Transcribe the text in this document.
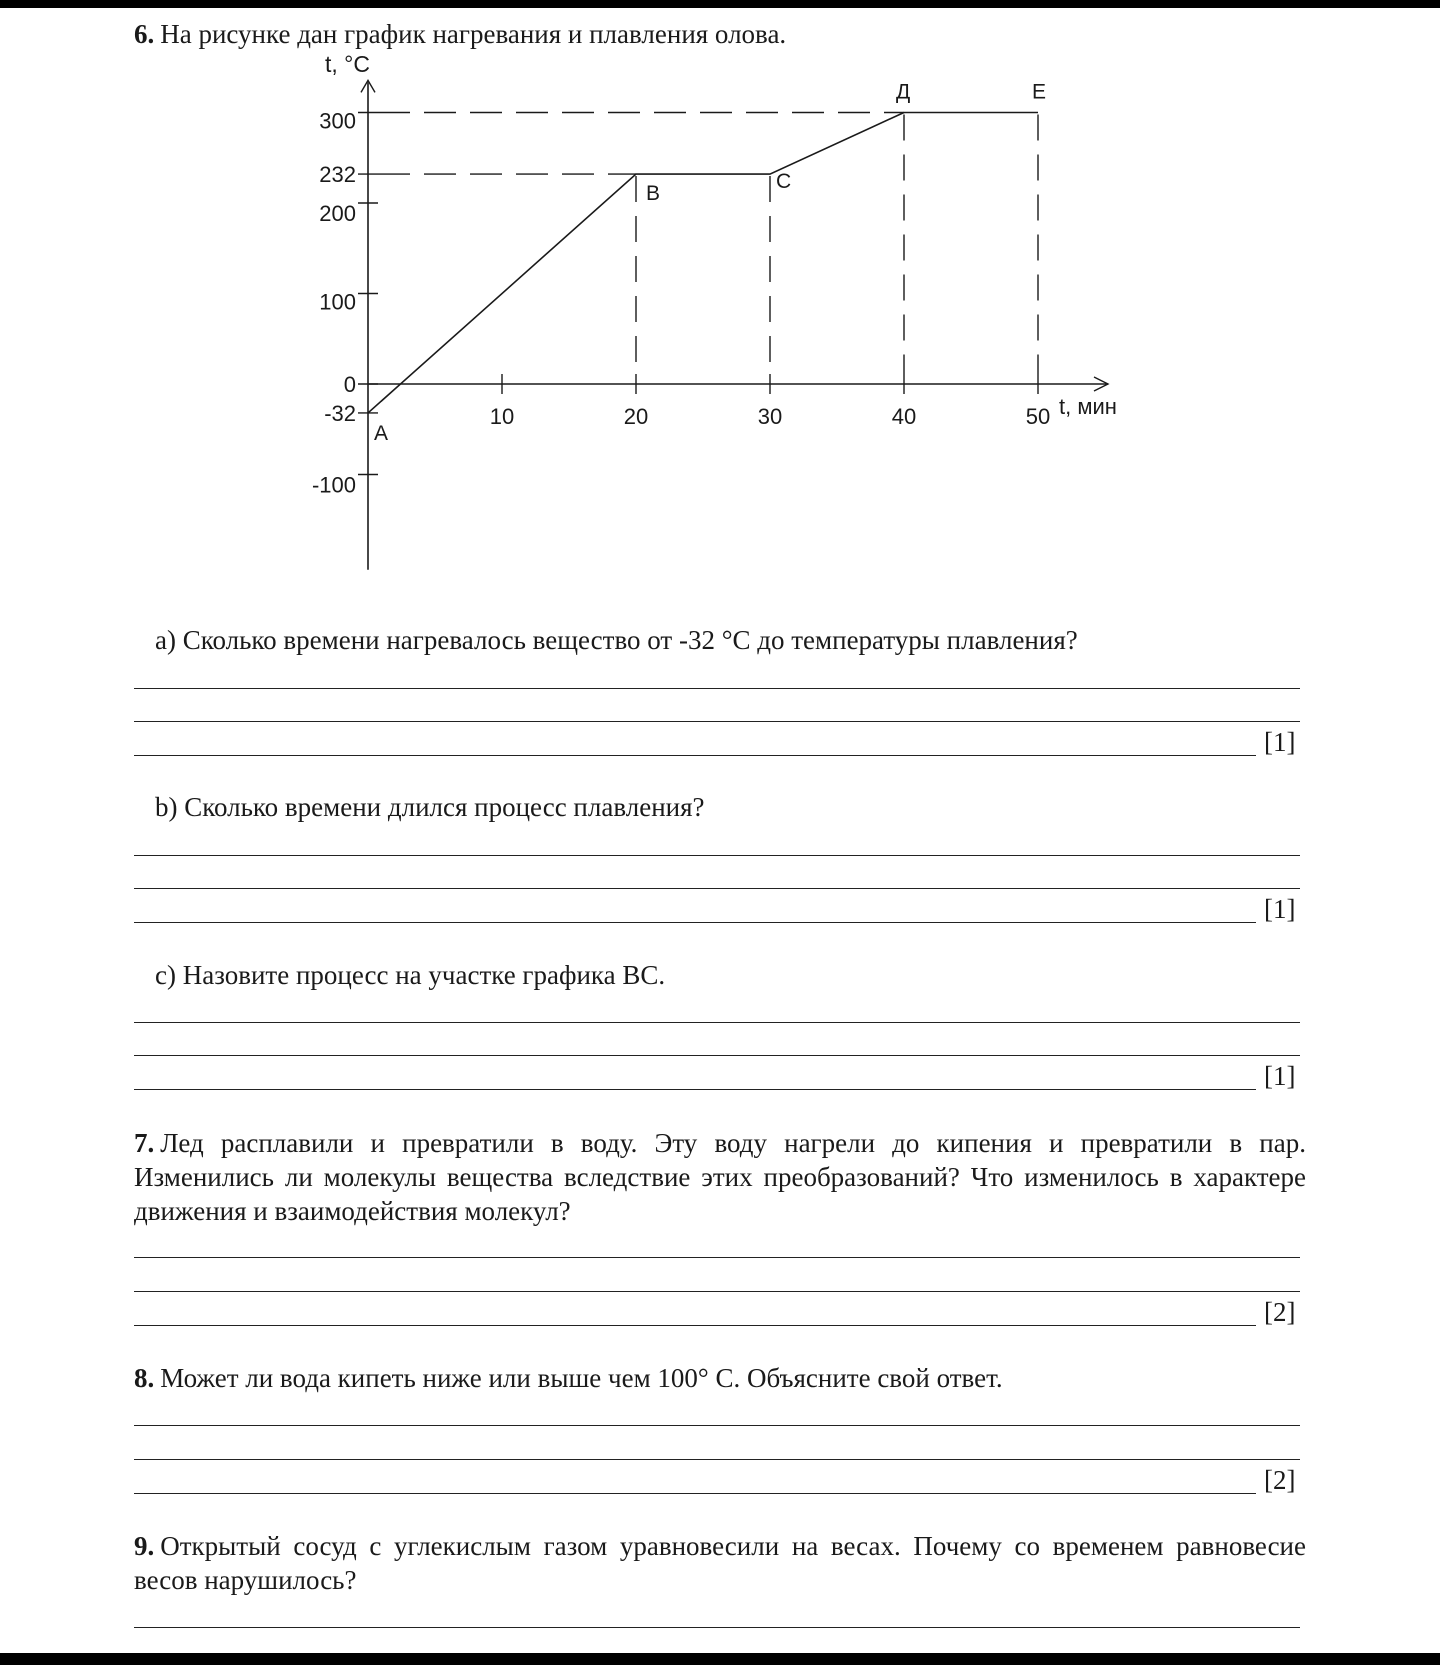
6. На рисунке дан график нагревания и плавления олова.
t, °C
t, мин
300
232
200
100
0
-32
-100
10	20	30	40	50
A
B
C
Д	E
a) Сколько времени нагревалось вещество от -32 °С до температуры плавления?
[1]
b) Сколько времени длился процесс плавления?
[1]
c) Назовите процесс на участке графика ВС.
[1]
7. Лед расплавили и превратили в воду. Эту воду нагрели до кипения и превратили в пар. Изменились ли молекулы вещества вследствие этих преобразований? Что изменилось в характере движения и взаимодействия молекул?
[2]
8. Может ли вода кипеть ниже или выше чем 100° С. Объясните свой ответ.
[2]
9. Открытый сосуд с углекислым газом уравновесили на весах. Почему со временем равновесие весов нарушилось?
